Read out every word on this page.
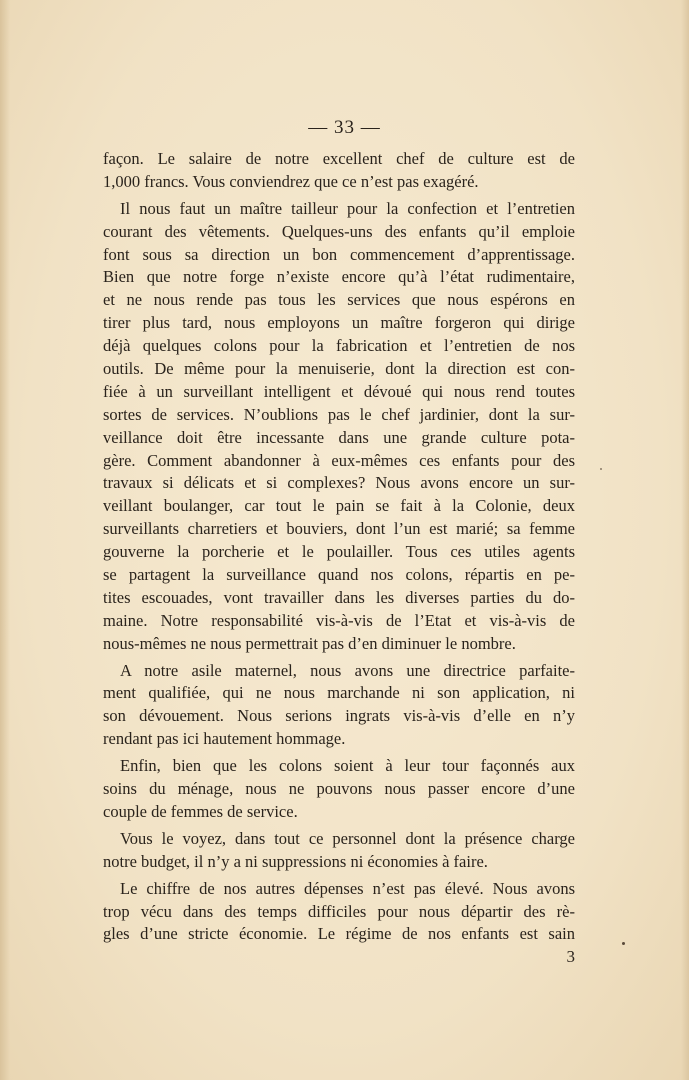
— 33 —
façon. Le salaire de notre excellent chef de culture est de
1,000 francs. Vous conviendrez que ce n’est pas exagéré.
Il nous faut un maître tailleur pour la confection et l’entretien
courant des vêtements. Quelques-uns des enfants qu’il emploie
font sous sa direction un bon commencement d’apprentissage.
Bien que notre forge n’existe encore qu’à l’état rudimentaire,
et ne nous rende pas tous les services que nous espérons en
tirer plus tard, nous employons un maître forgeron qui dirige
déjà quelques colons pour la fabrication et l’entretien de nos
outils. De même pour la menuiserie, dont la direction est con-
fiée à un surveillant intelligent et dévoué qui nous rend toutes
sortes de services. N’oublions pas le chef jardinier, dont la sur-
veillance doit être incessante dans une grande culture pota-
gère. Comment abandonner à eux-mêmes ces enfants pour des
travaux si délicats et si complexes? Nous avons encore un sur-
veillant boulanger, car tout le pain se fait à la Colonie, deux
surveillants charretiers et bouviers, dont l’un est marié; sa femme
gouverne la porcherie et le poulailler. Tous ces utiles agents
se partagent la surveillance quand nos colons, répartis en pe-
tites escouades, vont travailler dans les diverses parties du do-
maine. Notre responsabilité vis-à-vis de l’Etat et vis-à-vis de
nous-mêmes ne nous permettrait pas d’en diminuer le nombre.
A notre asile maternel, nous avons une directrice parfaite-
ment qualifiée, qui ne nous marchande ni son application, ni
son dévouement. Nous serions ingrats vis-à-vis d’elle en n’y
rendant pas ici hautement hommage.
Enfin, bien que les colons soient à leur tour façonnés aux
soins du ménage, nous ne pouvons nous passer encore d’une
couple de femmes de service.
Vous le voyez, dans tout ce personnel dont la présence charge
notre budget, il n’y a ni suppressions ni économies à faire.
Le chiffre de nos autres dépenses n’est pas élevé. Nous avons
trop vécu dans des temps difficiles pour nous départir des rè-
gles d’une stricte économie. Le régime de nos enfants est sain
3
